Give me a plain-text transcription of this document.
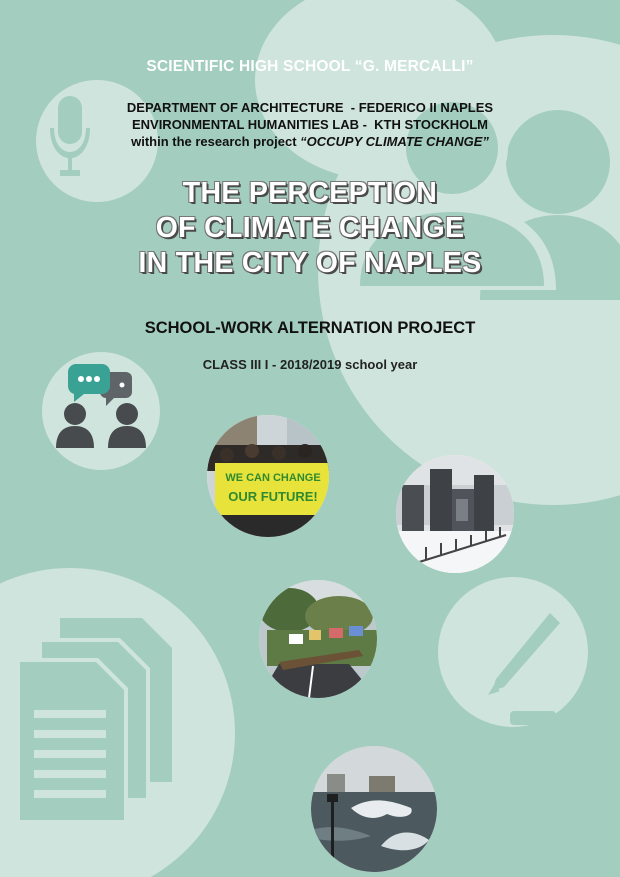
SCIENTIFIC HIGH SCHOOL “G. MERCALLI”

DEPARTMENT OF ARCHITECTURE  - FEDERICO II NAPLES
ENVIRONMENTAL HUMANITIES LAB -  KTH STOCKHOLM
within the research project “OCCUPY CLIMATE CHANGE”
THE PERCEPTION
OF CLIMATE CHANGE
IN THE CITY OF NAPLES

SCHOOL-WORK ALTERNATION PROJECT

CLASS III I - 2018/2019 school year

WE CAN CHANGE
OUR FUTURE!
